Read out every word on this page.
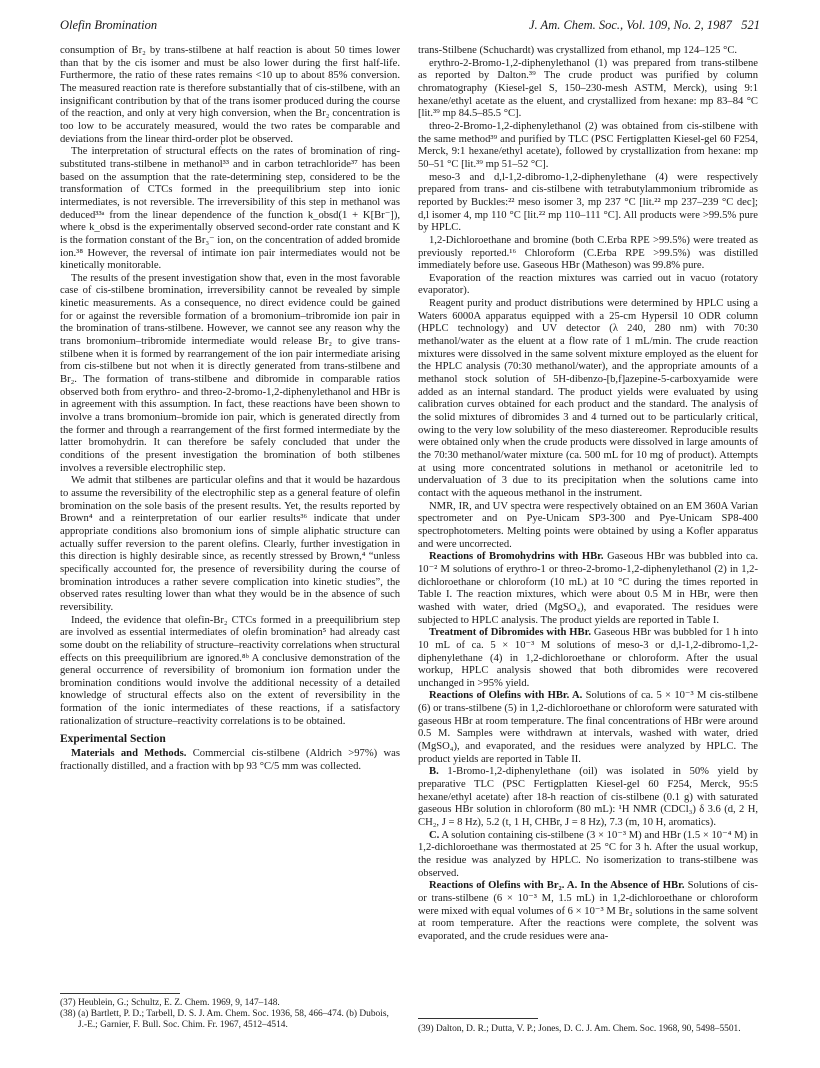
Olefin Bromination	J. Am. Chem. Soc., Vol. 109, No. 2, 1987 521

consumption of Br₂ by trans-stilbene at half reaction is about 50 times lower than that by the cis isomer and must be also lower during the first half-life. Furthermore, the ratio of these rates remains <10 up to about 85% conversion. The measured reaction rate is therefore substantially that of cis-stilbene, with an insignificant contribution by that of the trans isomer produced during the course of the reaction, and only at very high conversion, when the Br₂ concentration is too low to be accurately measured, would the two rates be comparable and deviations from the linear third-order plot be observed.

The interpretation of structural effects on the rates of bromination of ring-substituted trans-stilbene in methanol³³ and in carbon tetrachloride³⁷ has been based on the assumption that the rate-determining step, considered to be the transformation of CTCs formed in the preequilibrium step into ionic intermediates, is not reversible. The irreversibility of this step in methanol was deduced³³ᵃ from the linear dependence of the function k_obsd(1 + K[Br⁻]), where k_obsd is the experimentally observed second-order rate constant and K is the formation constant of the Br₃⁻ ion, on the concentration of added bromide ion.³⁸ However, the reversal of intimate ion pair intermediates would not be kinetically monitorable.

The results of the present investigation show that, even in the most favorable case of cis-stilbene bromination, irreversibility cannot be revealed by simple kinetic measurements. As a consequence, no direct evidence could be gained for or against the reversible formation of a bromonium–tribromide ion pair in the bromination of trans-stilbene. However, we cannot see any reason why the trans bromonium–tribromide intermediate would release Br₂ to give trans-stilbene when it is formed by rearrangement of the ion pair intermediate arising from cis-stilbene but not when it is directly generated from trans-stilbene and Br₂. The formation of trans-stilbene and dibromide in comparable ratios observed both from erythro- and threo-2-bromo-1,2-diphenylethanol and HBr is in agreement with this assumption. In fact, these reactions have been shown to involve a trans bromonium–bromide ion pair, which is generated directly from the former and through a rearrangement of the first formed intermediate by the latter bromohydrin. It can therefore be safely concluded that under the conditions of the present investigation the bromination of both stilbenes involves a reversible electrophilic step.

We admit that stilbenes are particular olefins and that it would be hazardous to assume the reversibility of the electrophilic step as a general feature of olefin bromination on the sole basis of the present results. Yet, the results reported by Brown⁴ and a reinterpretation of our earlier results³⁶ indicate that under appropriate conditions also bromonium ions of simple aliphatic structure can actually suffer reversion to the parent olefins. Clearly, further investigation in this direction is highly desirable since, as recently stressed by Brown,⁴ “unless specifically accounted for, the presence of reversibility during the course of bromination introduces a rather severe complication into kinetic studies”, the observed rates resulting lower than what they would be in the absence of such reversibility.

Indeed, the evidence that olefin-Br₂ CTCs formed in a preequilibrium step are involved as essential intermediates of olefin bromination⁵ had already cast some doubt on the reliability of structure–reactivity correlations when structural effects on this preequilibrium are ignored.⁸ᵇ A conclusive demonstration of the general occurrence of reversibility of bromonium ion formation under the bromination conditions would involve the additional necessity of a detailed knowledge of structural effects also on the extent of reversibility in the formation of the ionic intermediates of these reactions, if a satisfactory rationalization of structure–reactivity correlations is to be obtained.

Experimental Section

Materials and Methods. Commercial cis-stilbene (Aldrich >97%) was fractionally distilled, and a fraction with bp 93 °C/5 mm was collected.

(37) Heublein, G.; Schultz, E. Z. Chem. 1969, 9, 147–148.
(38) (a) Bartlett, P. D.; Tarbell, D. S. J. Am. Chem. Soc. 1936, 58, 466–474. (b) Dubois, J.-E.; Garnier, F. Bull. Soc. Chim. Fr. 1967, 4512–4514.

trans-Stilbene (Schuchardt) was crystallized from ethanol, mp 124–125 °C.

erythro-2-Bromo-1,2-diphenylethanol (1) was prepared from trans-stilbene as reported by Dalton.³⁹ The crude product was purified by column chromatography (Kiesel-gel S, 150–230-mesh ASTM, Merck), using 9:1 hexane/ethyl acetate as the eluent, and crystallized from hexane: mp 83–84 °C [lit.³⁹ mp 84.5–85.5 °C].

threo-2-Bromo-1,2-diphenylethanol (2) was obtained from cis-stilbene with the same method³⁹ and purified by TLC (PSC Fertigplatten Kiesel-gel 60 F254, Merck, 9:1 hexane/ethyl acetate), followed by crystallization from hexane: mp 50–51 °C [lit.³⁹ mp 51–52 °C].

meso-3 and d,l-1,2-dibromo-1,2-diphenylethane (4) were respectively prepared from trans- and cis-stilbene with tetrabutylammonium tribromide as reported by Buckles:²² meso isomer 3, mp 237 °C [lit.²² mp 237–239 °C dec]; d,l isomer 4, mp 110 °C [lit.²² mp 110–111 °C]. All products were >99.5% pure by HPLC.

1,2-Dichloroethane and bromine (both C.Erba RPE >99.5%) were treated as previously reported.¹⁶ Chloroform (C.Erba RPE >99.5%) was distilled immediately before use. Gaseous HBr (Matheson) was 99.8% pure.

Evaporation of the reaction mixtures was carried out in vacuo (rotatory evaporator).

Reagent purity and product distributions were determined by HPLC using a Waters 6000A apparatus equipped with a 25-cm Hypersil 10 ODR column (HPLC technology) and UV detector (λ 240, 280 nm) with 70:30 methanol/water as the eluent at a flow rate of 1 mL/min. The crude reaction mixtures were dissolved in the same solvent mixture employed as the eluent for the HPLC analysis (70:30 methanol/water), and the appropriate amounts of a methanol stock solution of 5H-dibenzo-[b,f]azepine-5-carboxyamide were added as an internal standard. The product yields were evaluated by using calibration curves obtained for each product and the standard. The analysis of the solid mixtures of dibromides 3 and 4 turned out to be particularly critical, owing to the very low solubility of the meso diastereomer. Reproducible results were obtained only when the crude products were dissolved in large amounts of the 70:30 methanol/water mixture (ca. 500 mL for 10 mg of product). Attempts at using more concentrated solutions in methanol or acetonitrile led to undervaluation of 3 due to its precipitation when the solutions came into contact with the aqueous methanol in the instrument.

NMR, IR, and UV spectra were respectively obtained on an EM 360A Varian spectrometer and on Pye-Unicam SP3-300 and Pye-Unicam SP8-400 spectrophotometers. Melting points were obtained by using a Kofler apparatus and were uncorrected.

Reactions of Bromohydrins with HBr. Gaseous HBr was bubbled into ca. 10⁻² M solutions of erythro-1 or threo-2-bromo-1,2-diphenylethanol (2) in 1,2-dichloroethane or chloroform (10 mL) at 10 °C during the times reported in Table I. The reaction mixtures, which were about 0.5 M in HBr, were then washed with water, dried (MgSO₄), and evaporated. The residues were subjected to HPLC analysis. The product yields are reported in Table I.

Treatment of Dibromides with HBr. Gaseous HBr was bubbled for 1 h into 10 mL of ca. 5 × 10⁻³ M solutions of meso-3 or d,l-1,2-dibromo-1,2-diphenylethane (4) in 1,2-dichloroethane or chloroform. After the usual workup, HPLC analysis showed that both dibromides were recovered unchanged in >95% yield.

Reactions of Olefins with HBr. A. Solutions of ca. 5 × 10⁻³ M cis-stilbene (6) or trans-stilbene (5) in 1,2-dichloroethane or chloroform were saturated with gaseous HBr at room temperature. The final concentrations of HBr were around 0.5 M. Samples were withdrawn at intervals, washed with water, dried (MgSO₄), and evaporated, and the residues were analyzed by HPLC. The product yields are reported in Table II.

B. 1-Bromo-1,2-diphenylethane (oil) was isolated in 50% yield by preparative TLC (PSC Fertigplatten Kiesel-gel 60 F254, Merck, 95:5 hexane/ethyl acetate) after 18-h reaction of cis-stilbene (0.1 g) with saturated gaseous HBr solution in chloroform (80 mL): ¹H NMR (CDCl₃) δ 3.6 (d, 2 H, CH₂, J = 8 Hz), 5.2 (t, 1 H, CHBr, J = 8 Hz), 7.3 (m, 10 H, aromatics).

C. A solution containing cis-stilbene (3 × 10⁻³ M) and HBr (1.5 × 10⁻⁴ M) in 1,2-dichloroethane was thermostated at 25 °C for 3 h. After the usual workup, the residue was analyzed by HPLC. No isomerization to trans-stilbene was observed.

Reactions of Olefins with Br₂. A. In the Absence of HBr. Solutions of cis- or trans-stilbene (6 × 10⁻³ M, 1.5 mL) in 1,2-dichloroethane or chloroform were mixed with equal volumes of 6 × 10⁻³ M Br₂ solutions in the same solvent at room temperature. After the reactions were complete, the solvent was evaporated, and the crude residues were ana-

(39) Dalton, D. R.; Dutta, V. P.; Jones, D. C. J. Am. Chem. Soc. 1968, 90, 5498–5501.
